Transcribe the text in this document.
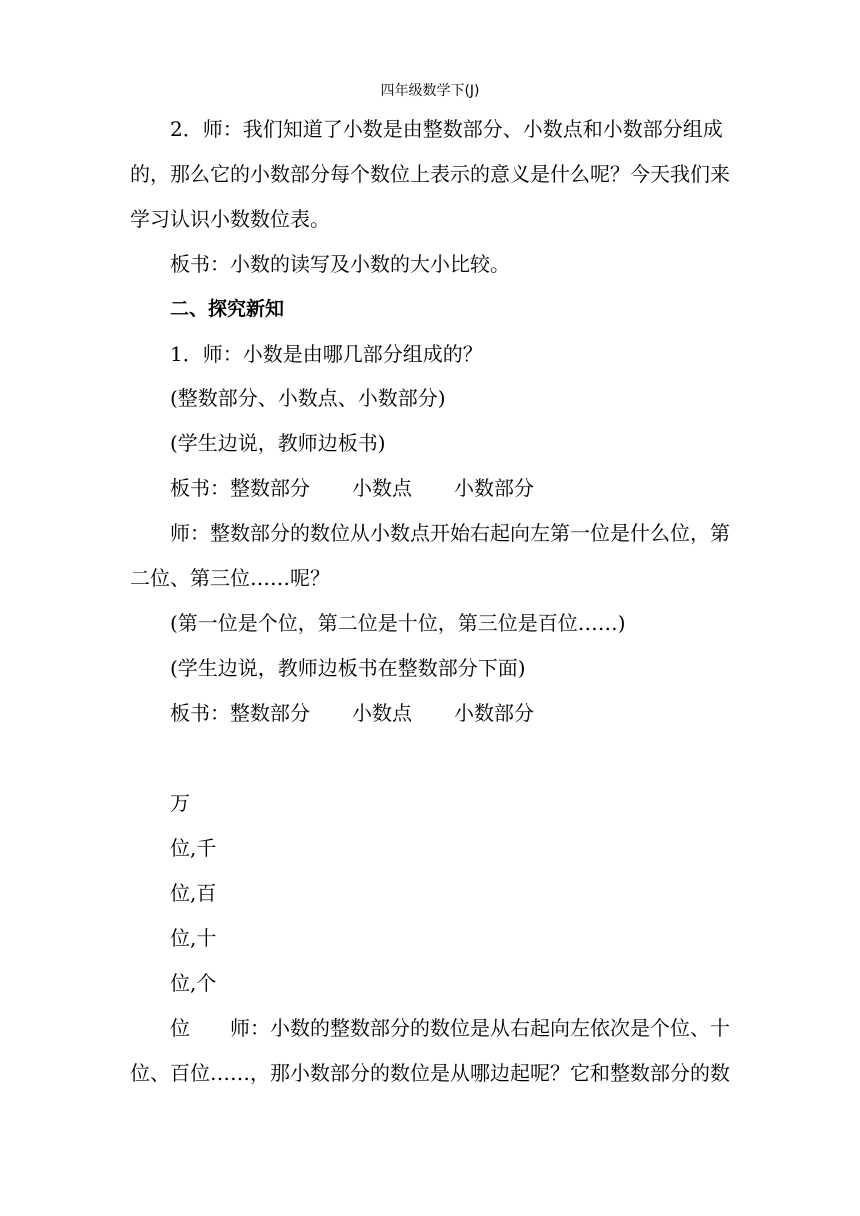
四年级数学下(J)
2．师：我们知道了小数是由整数部分、小数点和小数部分组成
的，那么它的小数部分每个数位上表示的意义是什么呢？今天我们来
学习认识小数数位表。
板书：小数的读写及小数的大小比较。
二、探究新知
1．师：小数是由哪几部分组成的？
(整数部分、小数点、小数部分)
(学生边说，教师边板书)
板书：整数部分 小数点 小数部分
师：整数部分的数位从小数点开始右起向左第一位是什么位，第
二位、第三位……呢？
(第一位是个位，第二位是十位，第三位是百位……)
(学生边说，教师边板书在整数部分下面)
板书：整数部分 小数点 小数部分
万
位,千
位,百
位,十
位,个
位 师：小数的整数部分的数位是从右起向左依次是个位、十
位、百位……，那小数部分的数位是从哪边起呢？它和整数部分的数
